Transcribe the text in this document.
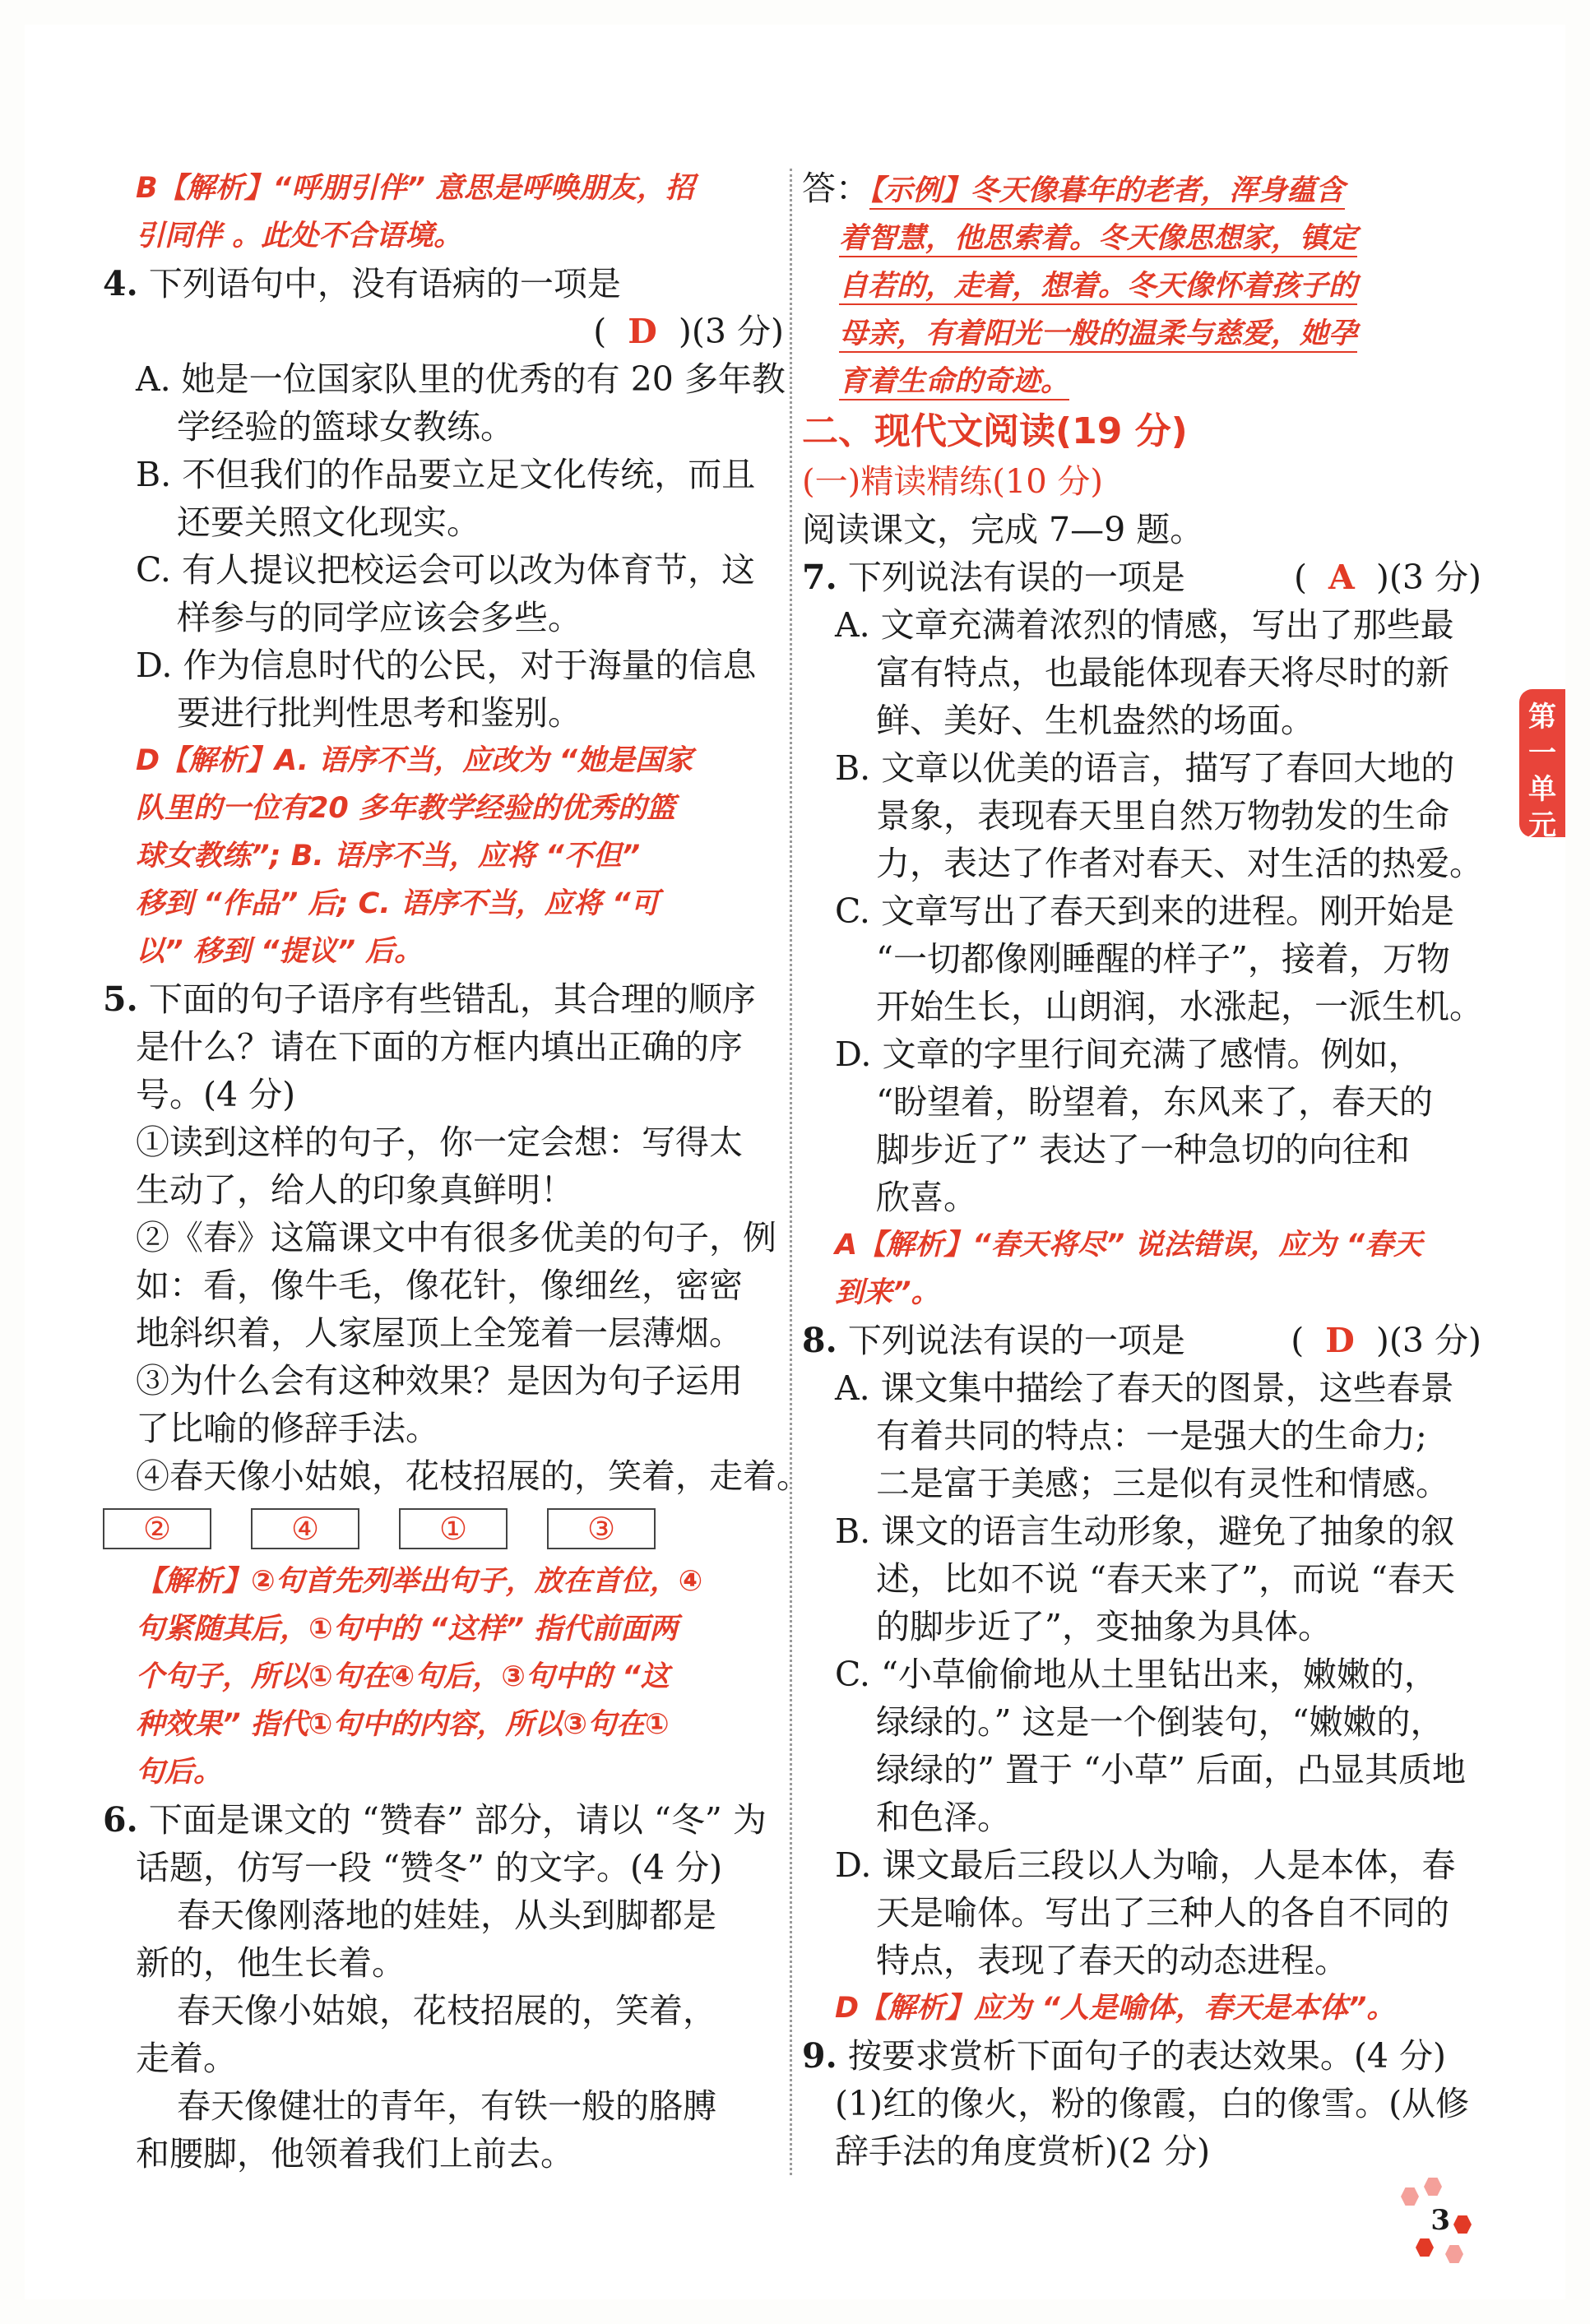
B【解析】“呼朋引伴” 意思是呼唤朋友，招
引同伴 。此处不合语境。
4. 下列语句中，没有语病的一项是
(  D  )(3 分)
A. 她是一位国家队里的优秀的有 20 多年教
学经验的篮球女教练。
B. 不但我们的作品要立足文化传统，而且
还要关照文化现实。
C. 有人提议把校运会可以改为体育节，这
样参与的同学应该会多些。
D. 作为信息时代的公民，对于海量的信息
要进行批判性思考和鉴别。
D【解析】A. 语序不当，应改为 “她是国家
队里的一位有20 多年教学经验的优秀的篮
球女教练”; B. 语序不当，应将 “不但”
移到 “作品” 后; C. 语序不当，应将 “可
以” 移到 “提议” 后。
5. 下面的句子语序有些错乱，其合理的顺序
是什么？请在下面的方框内填出正确的序
号。(4 分)
①读到这样的句子，你一定会想：写得太
生动了，给人的印象真鲜明！
②《春》这篇课文中有很多优美的句子，例
如：看，像牛毛，像花针，像细丝，密密
地斜织着，人家屋顶上全笼着一层薄烟。
③为什么会有这种效果？是因为句子运用
了比喻的修辞手法。
④春天像小姑娘，花枝招展的，笑着，走着。
②	④	①	③
【解析】②句首先列举出句子，放在首位，④
句紧随其后，①句中的 “这样” 指代前面两
个句子，所以①句在④句后，③句中的 “这
种效果” 指代①句中的内容，所以③句在①
句后。
6. 下面是课文的 “赞春” 部分，请以 “冬” 为
话题，仿写一段 “赞冬” 的文字。(4 分)
春天像刚落地的娃娃，从头到脚都是
新的，他生长着。
春天像小姑娘，花枝招展的，笑着，
走着。
春天像健壮的青年，有铁一般的胳膊
和腰脚，他领着我们上前去。
答：【示例】冬天像暮年的老者，浑身蕴含
着智慧，他思索着。冬天像思想家，镇定
自若的，走着，想着。冬天像怀着孩子的
母亲，有着阳光一般的温柔与慈爱，她孕
育着生命的奇迹。
二、现代文阅读(19 分)
(一)精读精练(10 分)
阅读课文，完成 7—9 题。
7. 下列说法有误的一项是	(  A  )(3 分)
A. 文章充满着浓烈的情感，写出了那些最
富有特点，也最能体现春天将尽时的新
鲜、美好、生机盎然的场面。
B. 文章以优美的语言，描写了春回大地的
景象，表现春天里自然万物勃发的生命
力，表达了作者对春天、对生活的热爱。
C. 文章写出了春天到来的进程。刚开始是
“一切都像刚睡醒的样子”，接着，万物
开始生长，山朗润，水涨起，一派生机。
D. 文章的字里行间充满了感情。例如，
“盼望着，盼望着，东风来了，春天的
脚步近了” 表达了一种急切的向往和
欣喜。
A【解析】“春天将尽” 说法错误，应为 “春天
到来”。
8. 下列说法有误的一项是	(  D  )(3 分)
A. 课文集中描绘了春天的图景，这些春景
有着共同的特点：一是强大的生命力;
二是富于美感；三是似有灵性和情感。
B. 课文的语言生动形象，避免了抽象的叙
述，比如不说 “春天来了”，而说 “春天
的脚步近了”，变抽象为具体。
C. “小草偷偷地从土里钻出来，嫩嫩的，
绿绿的。” 这是一个倒装句，“嫩嫩的，
绿绿的” 置于 “小草” 后面，凸显其质地
和色泽。
D. 课文最后三段以人为喻，人是本体，春
天是喻体。写出了三种人的各自不同的
特点，表现了春天的动态进程。
D【解析】应为 “人是喻体，春天是本体”。
9. 按要求赏析下面句子的表达效果。(4 分)
(1)红的像火，粉的像霞，白的像雪。(从修
辞手法的角度赏析)(2 分)
第一单元
3
